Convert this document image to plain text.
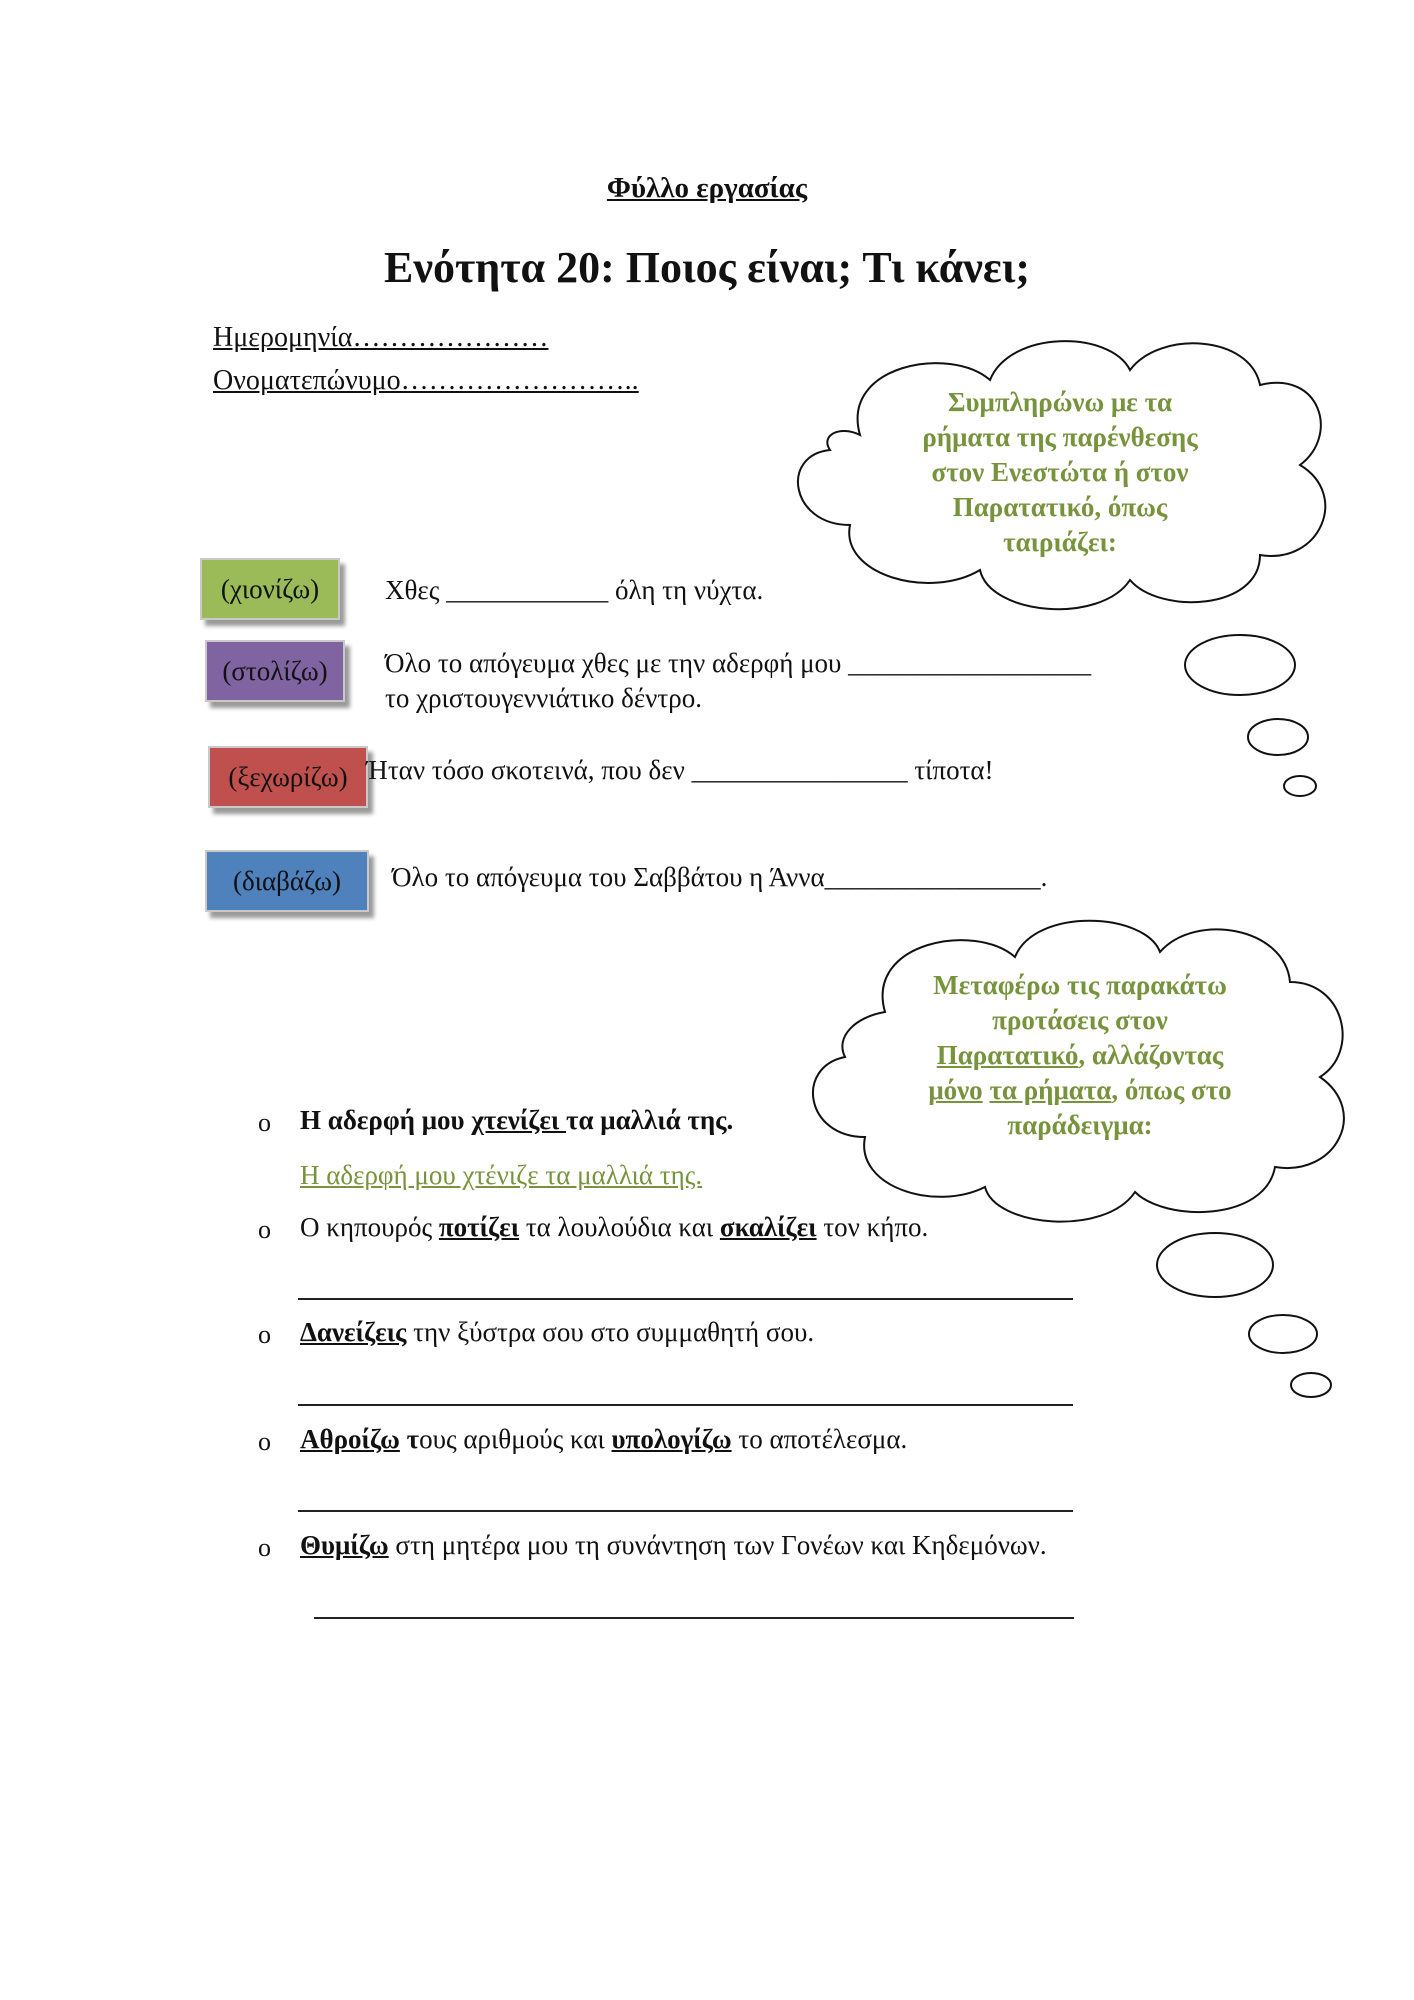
Φύλλο εργασίας
Ενότητα 20: Ποιος είναι; Τι κάνει;
Ημερομηνία…………………
Ονοματεπώνυμο……………………..
Συμπληρώνω με τα
ρήματα της παρένθεσης
στον Ενεστώτα ή στον
Παρατατικό, όπως
ταιριάζει:
(χιονίζω)	Χθες ____________ όλη τη νύχτα.
(στολίζω)	Όλο το απόγευμα χθες με την αδερφή μου __________________
το χριστουγεννιάτικο δέντρο.
(ξεχωρίζω) Ήταν τόσο σκοτεινά, που δεν ________________ τίποτα!
(διαβάζω)	Όλο το απόγευμα του Σαββάτου η Άννα________________.
Μεταφέρω τις παρακάτω
προτάσεις στον
Παρατατικό, αλλάζοντας
μόνο τα ρήματα, όπως στο
παράδειγμα:
o Η αδερφή μου χτενίζει τα μαλλιά της.
Η αδερφή μου χτένιζε τα μαλλιά της.
o Ο κηπουρός ποτίζει τα λουλούδια και σκαλίζει τον κήπο.
o Δανείζεις την ξύστρα σου στο συμμαθητή σου.
o Αθροίζω τους αριθμούς και υπολογίζω το αποτέλεσμα.
o Θυμίζω στη μητέρα μου τη συνάντηση των Γονέων και Κηδεμόνων.
